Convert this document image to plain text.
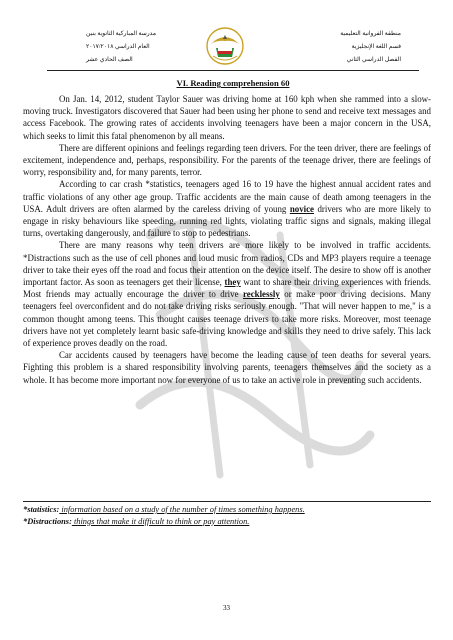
مدرسة المباركية الثانوية بنين
العام الدراسي ٢٠١٧/٢٠١٨
الصف الحادي عشر
منطقة الفروانية التعليمية
قسم اللغة الإنجليزية
الفصل الدراسي الثاني
VI. Reading comprehension 60

On Jan. 14, 2012, student Taylor Sauer was driving home at 160 kph when she rammed into a slow-moving truck. Investigators discovered that Sauer had been using her phone to send and receive text messages and access Facebook. The growing rates of accidents involving teenagers have been a major concern in the USA, which seeks to limit this fatal phenomenon by all means.

There are different opinions and feelings regarding teen drivers. For the teen driver, there are feelings of excitement, independence and, perhaps, responsibility. For the parents of the teenage driver, there are feelings of worry, responsibility and, for many parents, terror.

According to car crash *statistics, teenagers aged 16 to 19 have the highest annual accident rates and traffic violations of any other age group. Traffic accidents are the main cause of death among teenagers in the USA. Adult drivers are often alarmed by the careless driving of young novice drivers who are more likely to engage in risky behaviours like speeding, running red lights, violating traffic signs and signals, making illegal turns, overtaking dangerously, and failure to stop to pedestrians.

There are many reasons why teen drivers are more likely to be involved in traffic accidents. *Distractions such as the use of cell phones and loud music from radios, CDs and MP3 players require a teenage driver to take their eyes off the road and focus their attention on the device itself. The desire to show off is another important factor. As soon as teenagers get their license, they want to share their driving experiences with friends. Most friends may actually encourage the driver to drive recklessly or make poor driving decisions. Many teenagers feel overconfident and do not take driving risks seriously enough. "That will never happen to me," is a common thought among teens. This thought causes teenage drivers to take more risks. Moreover, most teenage drivers have not yet completely learnt basic safe-driving knowledge and skills they need to drive safely. This lack of experience proves deadly on the road.

Car accidents caused by teenagers have become the leading cause of teen deaths for several years. Fighting this problem is a shared responsibility involving parents, teenagers themselves and the society as a whole. It has become more important now for everyone of us to take an active role in preventing such accidents.

*statistics: information based on a study of the number of times something happens.
*Distractions: things that make it difficult to think or pay attention.
33
